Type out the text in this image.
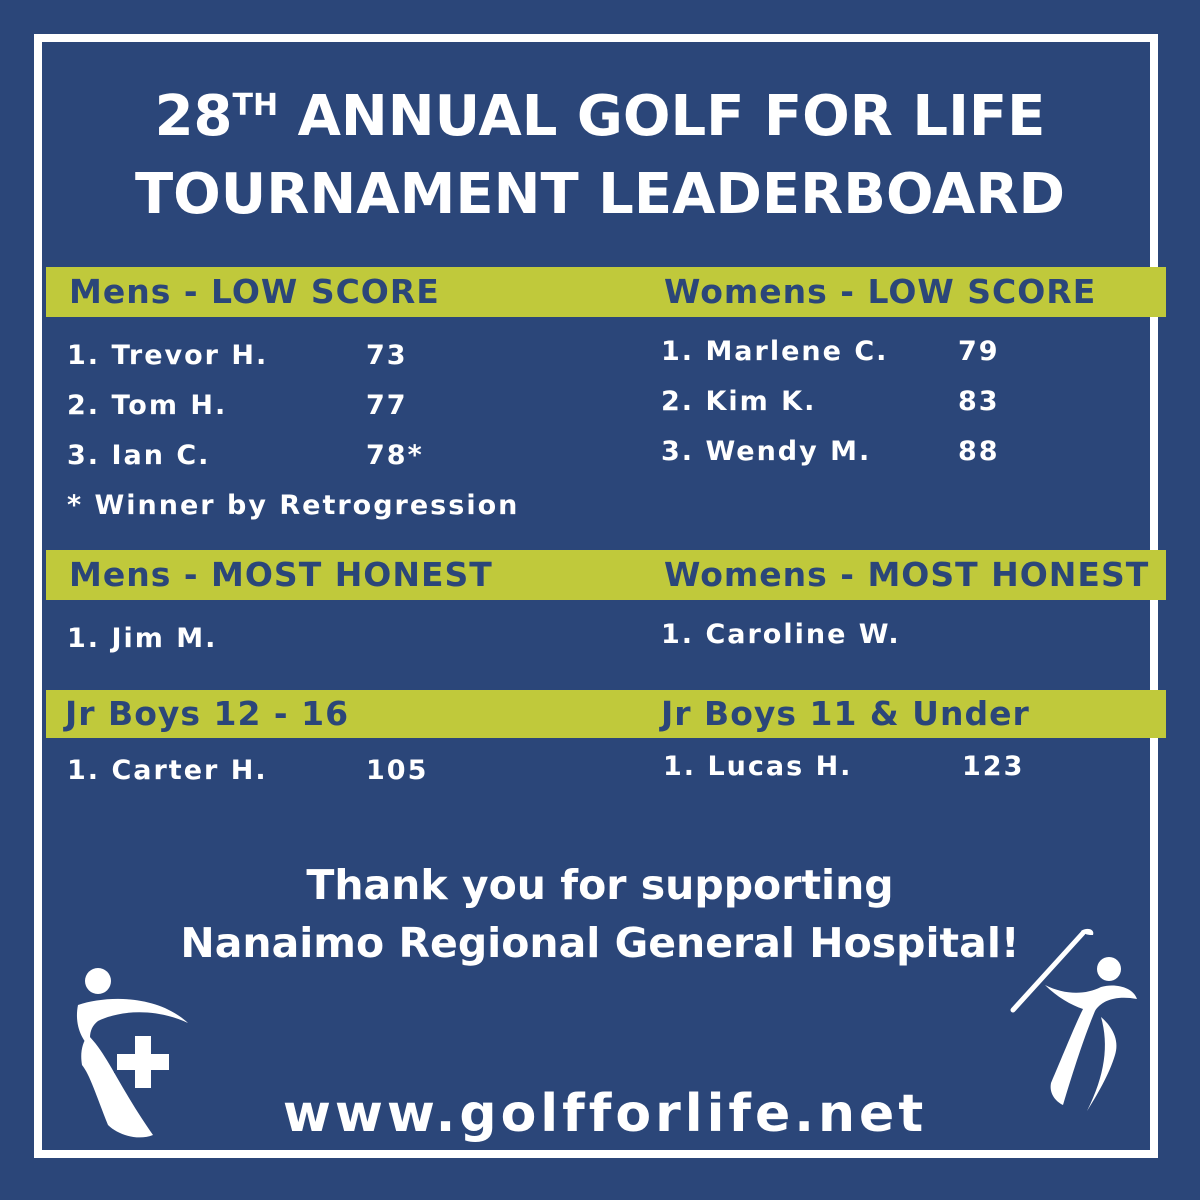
28TH ANNUAL GOLF FOR LIFE
TOURNAMENT LEADERBOARD
Mens - LOW SCORE	Womens - LOW SCORE
1. Trevor H.	73
2. Tom H.	77
3. Ian C.	78*
* Winner by Retrogression
1. Marlene C.	79
2. Kim K.	83
3. Wendy M.	88
Mens - MOST HONEST	Womens - MOST HONEST
1. Jim M.	1. Caroline W.
Jr Boys 12 - 16	Jr Boys 11 & Under
1. Carter H.	105	1. Lucas H.	123
Thank you for supporting
Nanaimo Regional General Hospital!
www.golfforlife.net
